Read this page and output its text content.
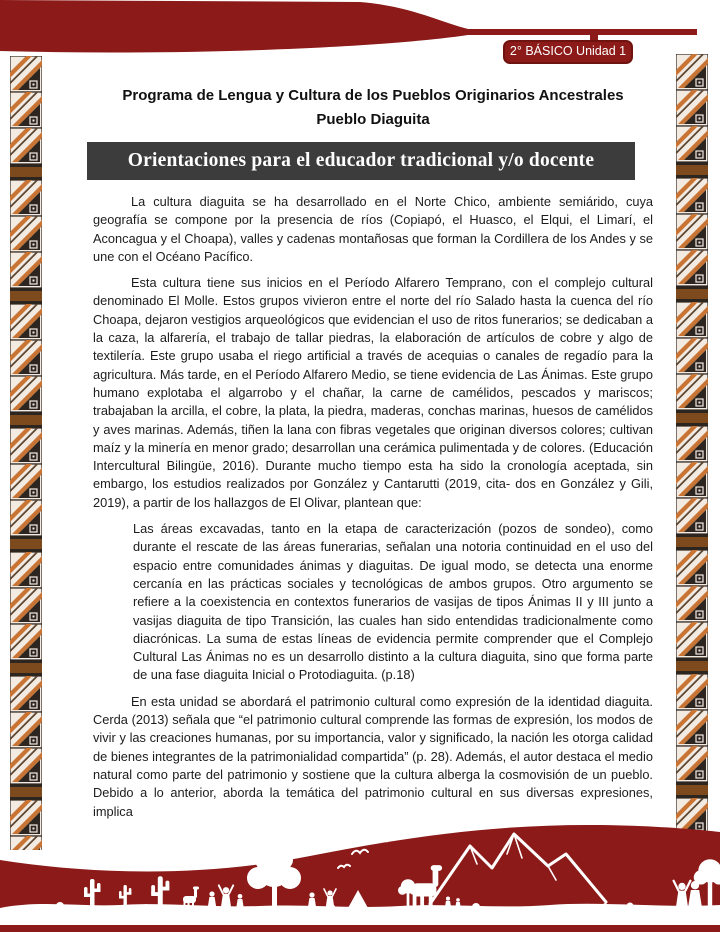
2° BÁSICO Unidad 1
Programa de Lengua y Cultura de los Pueblos Originarios Ancestrales
Pueblo Diaguita
Orientaciones para el educador tradicional y/o docente

La cultura diaguita se ha desarrollado en el Norte Chico, ambiente semiárido, cuya geografía se compone por la presencia de ríos (Copiapó, el Huasco, el Elqui, el Limarí, el Aconcagua y el Choapa), valles y cadenas montañosas que forman la Cordillera de los Andes y se une con el Océano Pacífico.

Esta cultura tiene sus inicios en el Período Alfarero Temprano, con el complejo cultural denominado El Molle. Estos grupos vivieron entre el norte del río Salado hasta la cuenca del río Choapa, dejaron vestigios arqueológicos que evidencian el uso de ritos funerarios; se dedicaban a la caza, la alfarería, el trabajo de tallar piedras, la elaboración de artículos de cobre y algo de textilería. Este grupo usaba el riego artificial a través de acequias o canales de regadío para la agricultura. Más tarde, en el Período Alfarero Medio, se tiene evidencia de Las Ánimas. Este grupo humano explotaba el algarrobo y el chañar, la carne de camélidos, pescados y mariscos; trabajaban la arcilla, el cobre, la plata, la piedra, maderas, conchas marinas, huesos de camélidos y aves marinas. Además, tiñen la lana con fibras vegetales que originan diversos colores; cultivan maíz y la minería en menor grado; desarrollan una cerámica pulimentada y de colores. (Educación Intercultural Bilingüe, 2016). Durante mucho tiempo esta ha sido la cronología aceptada, sin embargo, los estudios realizados por González y Cantarutti (2019, cita- dos en González y Gili, 2019), a partir de los hallazgos de El Olivar, plantean que:

Las áreas excavadas, tanto en la etapa de caracterización (pozos de sondeo), como durante el rescate de las áreas funerarias, señalan una notoria continuidad en el uso del espacio entre comunidades ánimas y diaguitas. De igual modo, se detecta una enorme cercanía en las prácticas sociales y tecnológicas de ambos grupos. Otro argumento se refiere a la coexistencia en contextos funerarios de vasijas de tipos Ánimas II y III junto a vasijas diaguita de tipo Transición, las cuales han sido entendidas tradicionalmente como diacrónicas. La suma de estas líneas de evidencia permite comprender que el Complejo Cultural Las Ánimas no es un desarrollo distinto a la cultura diaguita, sino que forma parte de una fase diaguita Inicial o Protodiaguita. (p.18)

En esta unidad se abordará el patrimonio cultural como expresión de la identidad diaguita. Cerda (2013) señala que “el patrimonio cultural comprende las formas de expresión, los modos de vivir y las creaciones humanas, por su importancia, valor y significado, la nación les otorga calidad de bienes integrantes de la patrimonialidad compartida” (p. 28). Además, el autor destaca el medio natural como parte del patrimonio y sostiene que la cultura alberga la cosmovisión de un pueblo. Debido a lo anterior, aborda la temática del patrimonio cultural en sus diversas expresiones, implica
